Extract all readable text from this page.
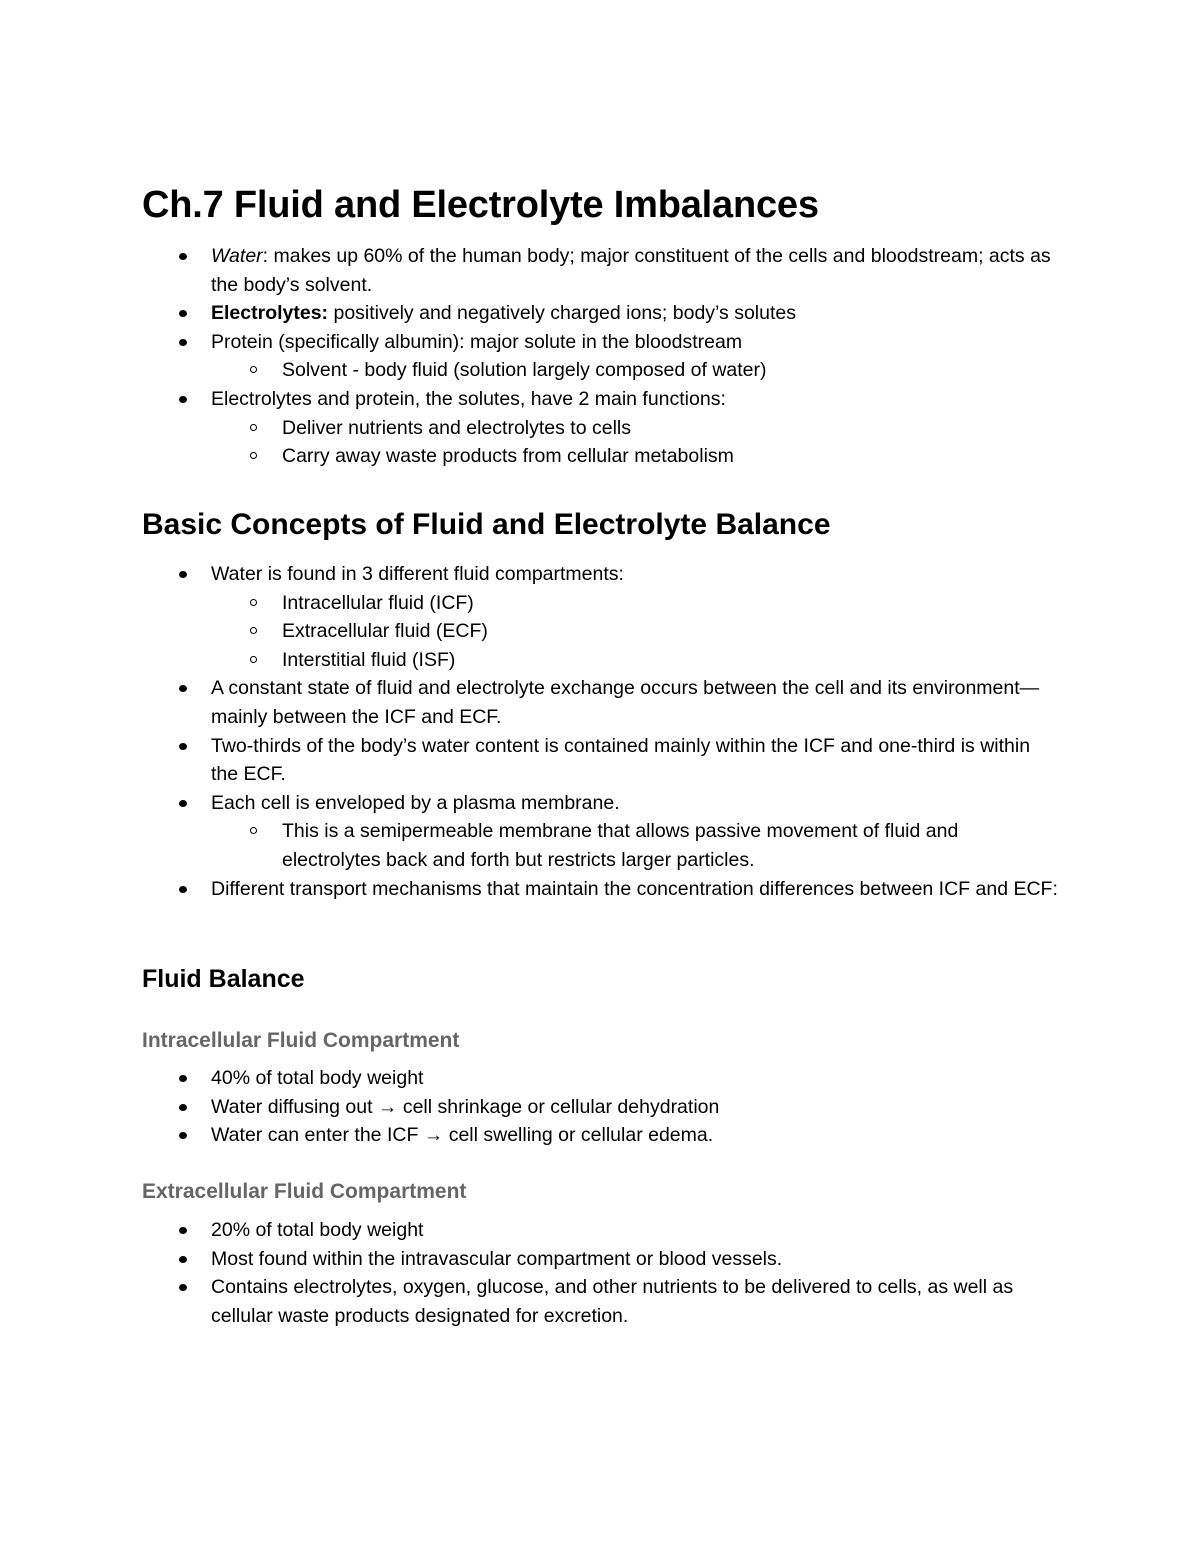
Ch.7 Fluid and Electrolyte Imbalances
Water: makes up 60% of the human body; major constituent of the cells and bloodstream; acts as the body’s solvent.
Electrolytes: positively and negatively charged ions; body’s solutes
Protein (specifically albumin): major solute in the bloodstream
Solvent - body fluid (solution largely composed of water)
Electrolytes and protein, the solutes, have 2 main functions:
Deliver nutrients and electrolytes to cells
Carry away waste products from cellular metabolism
Basic Concepts of Fluid and Electrolyte Balance
Water is found in 3 different fluid compartments:
Intracellular fluid (ICF)
Extracellular fluid (ECF)
Interstitial fluid (ISF)
A constant state of fluid and electrolyte exchange occurs between the cell and its environment—mainly between the ICF and ECF.
Two-thirds of the body’s water content is contained mainly within the ICF and one-third is within the ECF.
Each cell is enveloped by a plasma membrane.
This is a semipermeable membrane that allows passive movement of fluid and electrolytes back and forth but restricts larger particles.
Different transport mechanisms that maintain the concentration differences between ICF and ECF:
Fluid Balance
Intracellular Fluid Compartment
40% of total body weight
Water diffusing out → cell shrinkage or cellular dehydration
Water can enter the ICF → cell swelling or cellular edema.
Extracellular Fluid Compartment
20% of total body weight
Most found within the intravascular compartment or blood vessels.
Contains electrolytes, oxygen, glucose, and other nutrients to be delivered to cells, as well as cellular waste products designated for excretion.
